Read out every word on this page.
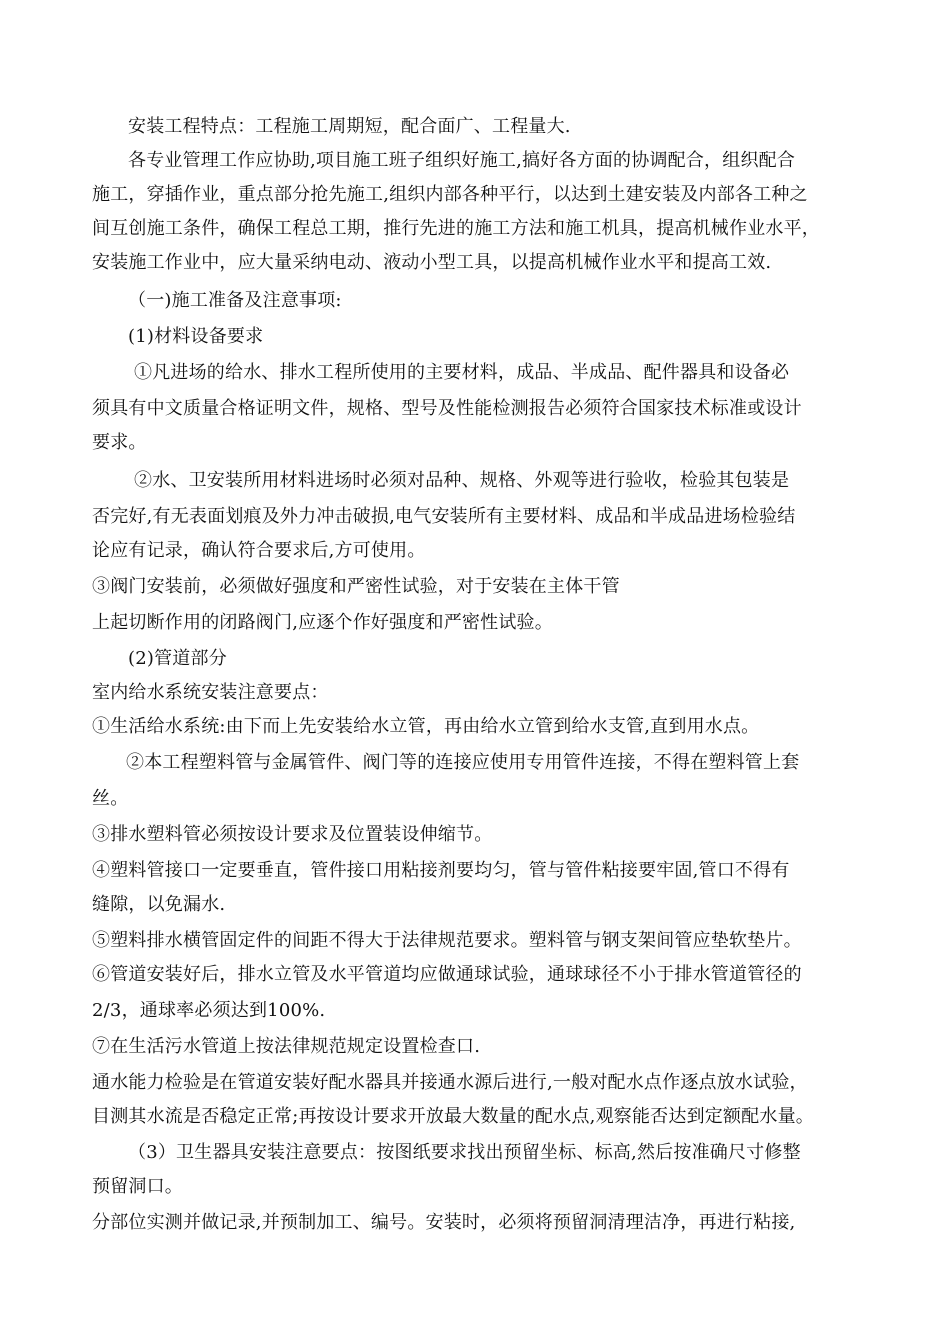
安装工程特点：工程施工周期短，配合面广、工程量大.
各专业管理工作应协助,项目施工班子组织好施工,搞好各方面的协调配合，组织配合
施工，穿插作业，重点部分抢先施工,组织内部各种平行，以达到土建安装及内部各工种之
间互创施工条件，确保工程总工期，推行先进的施工方法和施工机具，提高机械作业水平，
安装施工作业中，应大量采纳电动、液动小型工具，以提高机械作业水平和提高工效.
（一)施工准备及注意事项:
(1)材料设备要求
①凡进场的给水、排水工程所使用的主要材料，成品、半成品、配件器具和设备必
须具有中文质量合格证明文件，规格、型号及性能检测报告必须符合国家技术标准或设计
要求。
②水、卫安装所用材料进场时必须对品种、规格、外观等进行验收，检验其包装是
否完好,有无表面划痕及外力冲击破损,电气安装所有主要材料、成品和半成品进场检验结
论应有记录，确认符合要求后,方可使用。
③阀门安装前，必须做好强度和严密性试验，对于安装在主体干管
上起切断作用的闭路阀门,应逐个作好强度和严密性试验。
(2)管道部分
室内给水系统安装注意要点：
①生活给水系统:由下而上先安装给水立管，再由给水立管到给水支管,直到用水点。
②本工程塑料管与金属管件、阀门等的连接应使用专用管件连接，不得在塑料管上套
丝。
③排水塑料管必须按设计要求及位置装设伸缩节。
④塑料管接口一定要垂直，管件接口用粘接剂要均匀，管与管件粘接要牢固,管口不得有
缝隙，以免漏水.
⑤塑料排水横管固定件的间距不得大于法律规范要求。塑料管与钢支架间管应垫软垫片。
⑥管道安装好后，排水立管及水平管道均应做通球试验，通球球径不小于排水管道管径的
2/3，通球率必须达到100%.
⑦在生活污水管道上按法律规范规定设置检查口.
通水能力检验是在管道安装好配水器具并接通水源后进行,一般对配水点作逐点放水试验，
目测其水流是否稳定正常;再按设计要求开放最大数量的配水点,观察能否达到定额配水量。
（3）卫生器具安装注意要点：按图纸要求找出预留坐标、标高,然后按准确尺寸修整
预留洞口。
分部位实测并做记录,并预制加工、编号。安装时，必须将预留洞清理洁净，再进行粘接,
